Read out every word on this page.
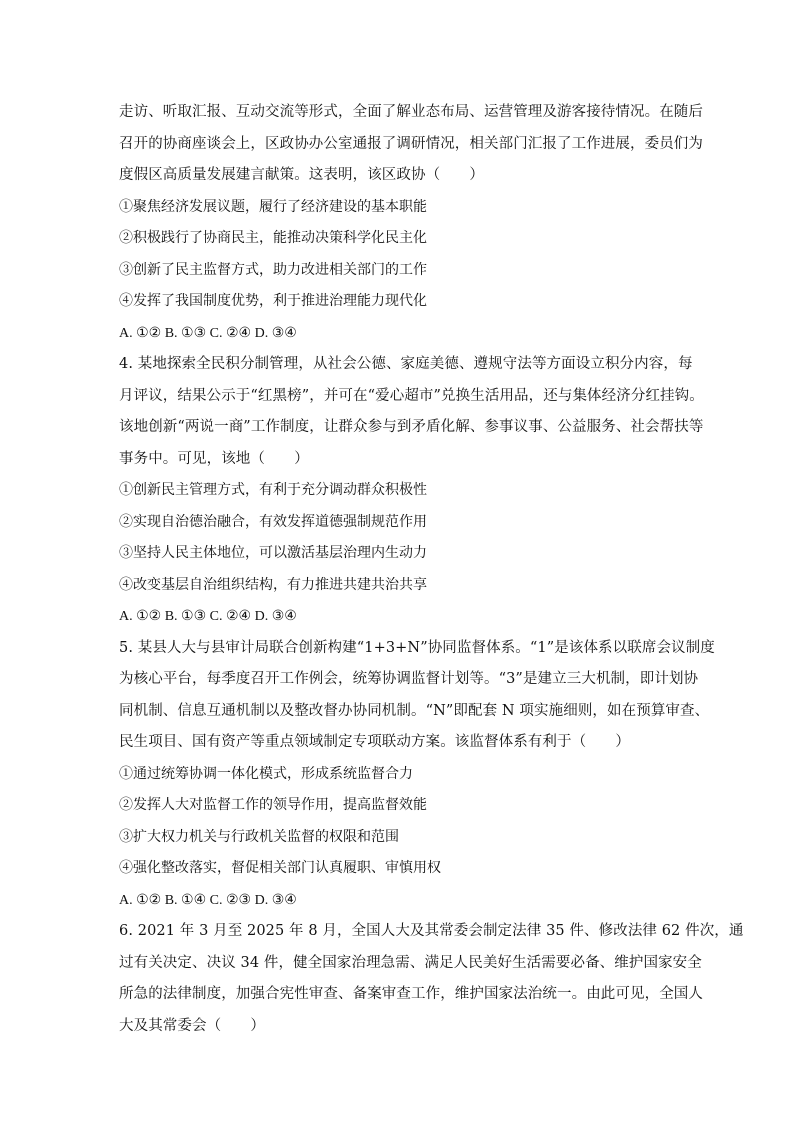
走访、听取汇报、互动交流等形式，全面了解业态布局、运营管理及游客接待情况。在随后
召开的协商座谈会上，区政协办公室通报了调研情况，相关部门汇报了工作进展，委员们为
度假区高质量发展建言献策。这表明，该区政协（　　）
①聚焦经济发展议题，履行了经济建设的基本职能
②积极践行了协商民主，能推动决策科学化民主化
③创新了民主监督方式，助力改进相关部门的工作
④发挥了我国制度优势，利于推进治理能力现代化
A. ①② B. ①③ C. ②④ D. ③④
4. 某地探索全民积分制管理，从社会公德、家庭美德、遵规守法等方面设立积分内容，每
月评议，结果公示于“红黑榜”，并可在“爱心超市”兑换生活用品，还与集体经济分红挂钩。
该地创新“两说一商”工作制度，让群众参与到矛盾化解、参事议事、公益服务、社会帮扶等
事务中。可见，该地（　　）
①创新民主管理方式，有利于充分调动群众积极性
②实现自治德治融合，有效发挥道德强制规范作用
③坚持人民主体地位，可以激活基层治理内生动力
④改变基层自治组织结构，有力推进共建共治共享
A. ①② B. ①③ C. ②④ D. ③④
5. 某县人大与县审计局联合创新构建“1+3+N”协同监督体系。“1”是该体系以联席会议制度
为核心平台，每季度召开工作例会，统筹协调监督计划等。“3”是建立三大机制，即计划协
同机制、信息互通机制以及整改督办协同机制。“N”即配套 N 项实施细则，如在预算审查、
民生项目、国有资产等重点领域制定专项联动方案。该监督体系有利于（　　）
①通过统筹协调一体化模式，形成系统监督合力
②发挥人大对监督工作的领导作用，提高监督效能
③扩大权力机关与行政机关监督的权限和范围
④强化整改落实，督促相关部门认真履职、审慎用权
A. ①② B. ①④ C. ②③ D. ③④
6. 2021 年 3 月至 2025 年 8 月，全国人大及其常委会制定法律 35 件、修改法律 62 件次，通
过有关决定、决议 34 件，健全国家治理急需、满足人民美好生活需要必备、维护国家安全
所急的法律制度，加强合宪性审查、备案审查工作，维护国家法治统一。由此可见，全国人
大及其常委会（　　）
